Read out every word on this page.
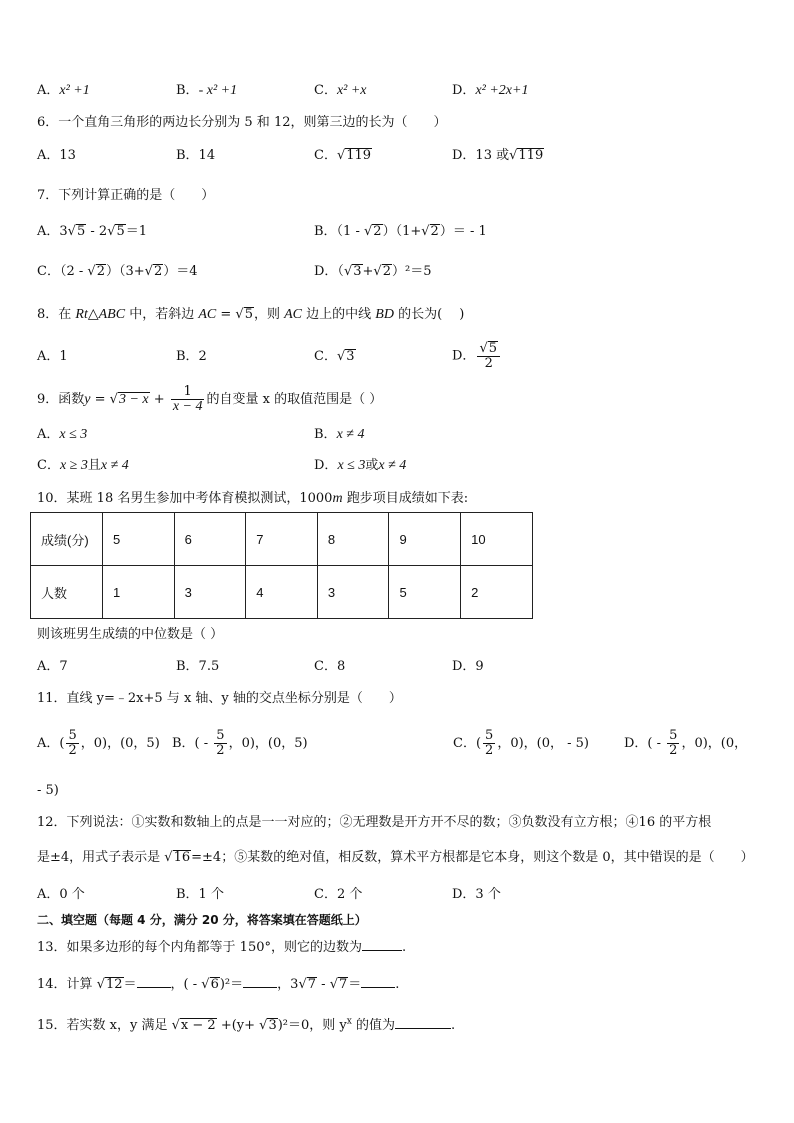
A．x² +1	B．- x² +1	C．x² +x	D．x² +2x+1
6．一个直角三角形的两边长分别为 5 和 12，则第三边的长为（　　）
A．13	B．14	C．√119	D．13 或√119
7．下列计算正确的是（　　）
A．3√5 - 2√5＝1	B．（1 - √2）（1+√2）＝ - 1
C．（2 - √2）（3+√2）＝4	D．（√3+√2）²＝5
8．在 Rt△ABC 中，若斜边 AC = √5，则 AC 边上的中线 BD 的长为(　 )
A．1	B．2	C．√3	D． $\frac{√5}{2}$
9．函数$y = √3 - x + \frac{1}{x - 4}$ 的自变量 x 的取值范围是（ ）
A．x ≤ 3	B．x ≠ 4
C．x ≥ 3且x ≠ 4	D．x ≤ 3或x ≠ 4
10．某班 18 名男生参加中考体育模拟测试，1000m 跑步项目成绩如下表:
成绩(分)	5	6	7	8	9	10
人数	1	3	4	3	5	2
则该班男生成绩的中位数是（ ）
A．7	B．7.5	C．8	D．9
11．直线 y=﹣2x+5 与 x 轴、y 轴的交点坐标分别是（　　）
A．( $\frac{5}{2}$ ，0)，(0，5) B．( - $\frac{5}{2}$ ，0)，(0，5)	C．( $\frac{5}{2}$ ，0)，(0， - 5)	D．( - $\frac{5}{2}$ ，0)，(0，
- 5)
12．下列说法：①实数和数轴上的点是一一对应的；②无理数是开方开不尽的数；③负数没有立方根；④16 的平方根
是±4，用式子表示是 √16=±4；⑤某数的绝对值，相反数，算术平方根都是它本身，则这个数是 0，其中错误的是（　　）
A．0 个	B．1 个	C．2 个	D．3 个
二、填空题（每题 4 分，满分 20 分，将答案填在答题纸上）
13．如果多边形的每个内角都等于 150°，则它的边数为	.
14．计算 √12＝	，( - √6)²＝	，3√7 - √7＝	.
15．若实数 x，y 满足 √x − 2 +(y+ √3)²＝0，则 $y^x$ 的值为	.
